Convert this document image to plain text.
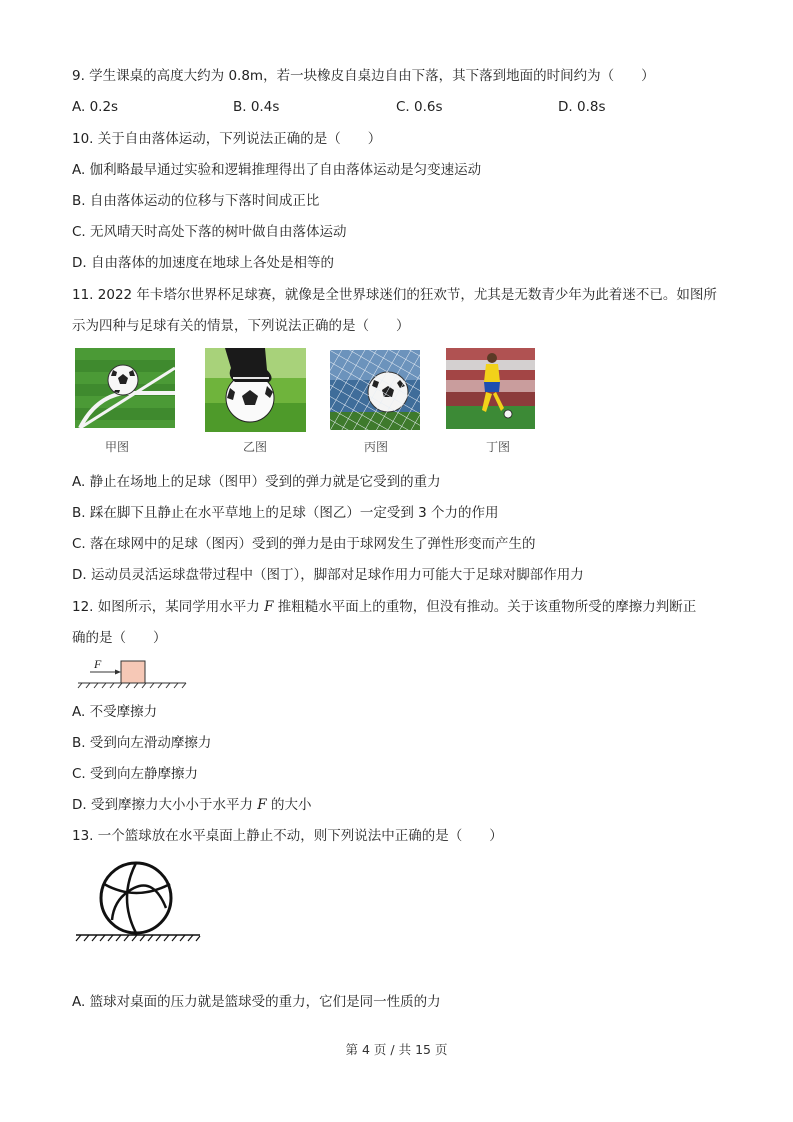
9. 学生课桌的高度大约为 0.8m，若一块橡皮自桌边自由下落，其下落到地面的时间约为（　　）
A. 0.2s	B. 0.4s	C. 0.6s	D. 0.8s
10. 关于自由落体运动，下列说法正确的是（　　）
A. 伽利略最早通过实验和逻辑推理得出了自由落体运动是匀变速运动
B. 自由落体运动的位移与下落时间成正比
C. 无风晴天时高处下落的树叶做自由落体运动
D. 自由落体的加速度在地球上各处是相等的
11. 2022 年卡塔尔世界杯足球赛，就像是全世界球迷们的狂欢节，尤其是无数青少年为此着迷不已。如图所
示为四种与足球有关的情景，下列说法正确的是（　　）
甲图	乙图	丙图	丁图
A. 静止在场地上的足球（图甲）受到的弹力就是它受到的重力
B. 踩在脚下且静止在水平草地上的足球（图乙）一定受到 3 个力的作用
C. 落在球网中的足球（图丙）受到的弹力是由于球网发生了弹性形变而产生的
D. 运动员灵活运球盘带过程中（图丁），脚部对足球作用力可能大于足球对脚部作用力
12. 如图所示，某同学用水平力 F 推粗糙水平面上的重物，但没有推动。关于该重物所受的摩擦力判断正
确的是（　　）
F
A. 不受摩擦力
B. 受到向左滑动摩擦力
C. 受到向左静摩擦力
D. 受到摩擦力大小小于水平力 F 的大小
13. 一个篮球放在水平桌面上静止不动，则下列说法中正确的是（　　）
A. 篮球对桌面的压力就是篮球受的重力，它们是同一性质的力
第 4 页 / 共 15 页
